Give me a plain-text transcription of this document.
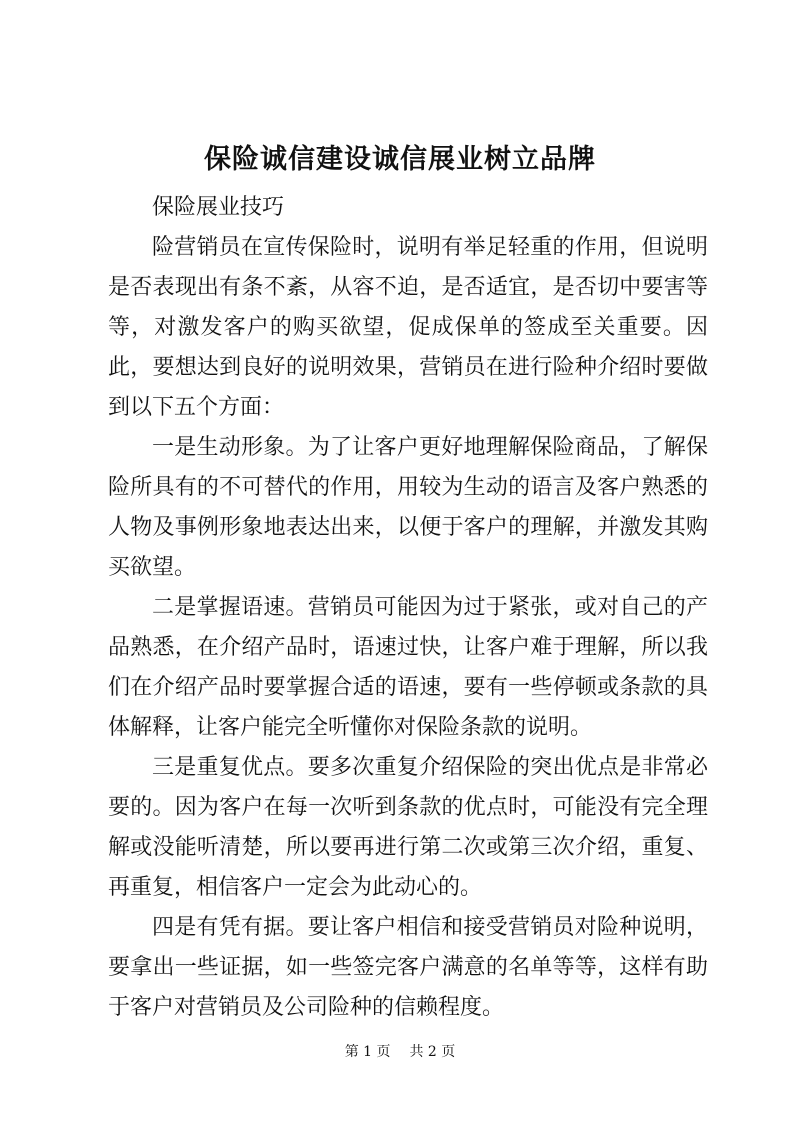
保险诚信建设诚信展业树立品牌

保险展业技巧

险营销员在宣传保险时，说明有举足轻重的作用，但说明是否表现出有条不紊，从容不迫，是否适宜，是否切中要害等等，对激发客户的购买欲望，促成保单的签成至关重要。因此，要想达到良好的说明效果，营销员在进行险种介绍时要做到以下五个方面：

一是生动形象。为了让客户更好地理解保险商品，了解保险所具有的不可替代的作用，用较为生动的语言及客户熟悉的人物及事例形象地表达出来，以便于客户的理解，并激发其购买欲望。

二是掌握语速。营销员可能因为过于紧张，或对自己的产品熟悉，在介绍产品时，语速过快，让客户难于理解，所以我们在介绍产品时要掌握合适的语速，要有一些停顿或条款的具体解释，让客户能完全听懂你对保险条款的说明。

三是重复优点。要多次重复介绍保险的突出优点是非常必要的。因为客户在每一次听到条款的优点时，可能没有完全理解或没能听清楚，所以要再进行第二次或第三次介绍，重复、再重复，相信客户一定会为此动心的。

四是有凭有据。要让客户相信和接受营销员对险种说明，要拿出一些证据，如一些签完客户满意的名单等等，这样有助于客户对营销员及公司险种的信赖程度。

第 1 页 共 2 页
